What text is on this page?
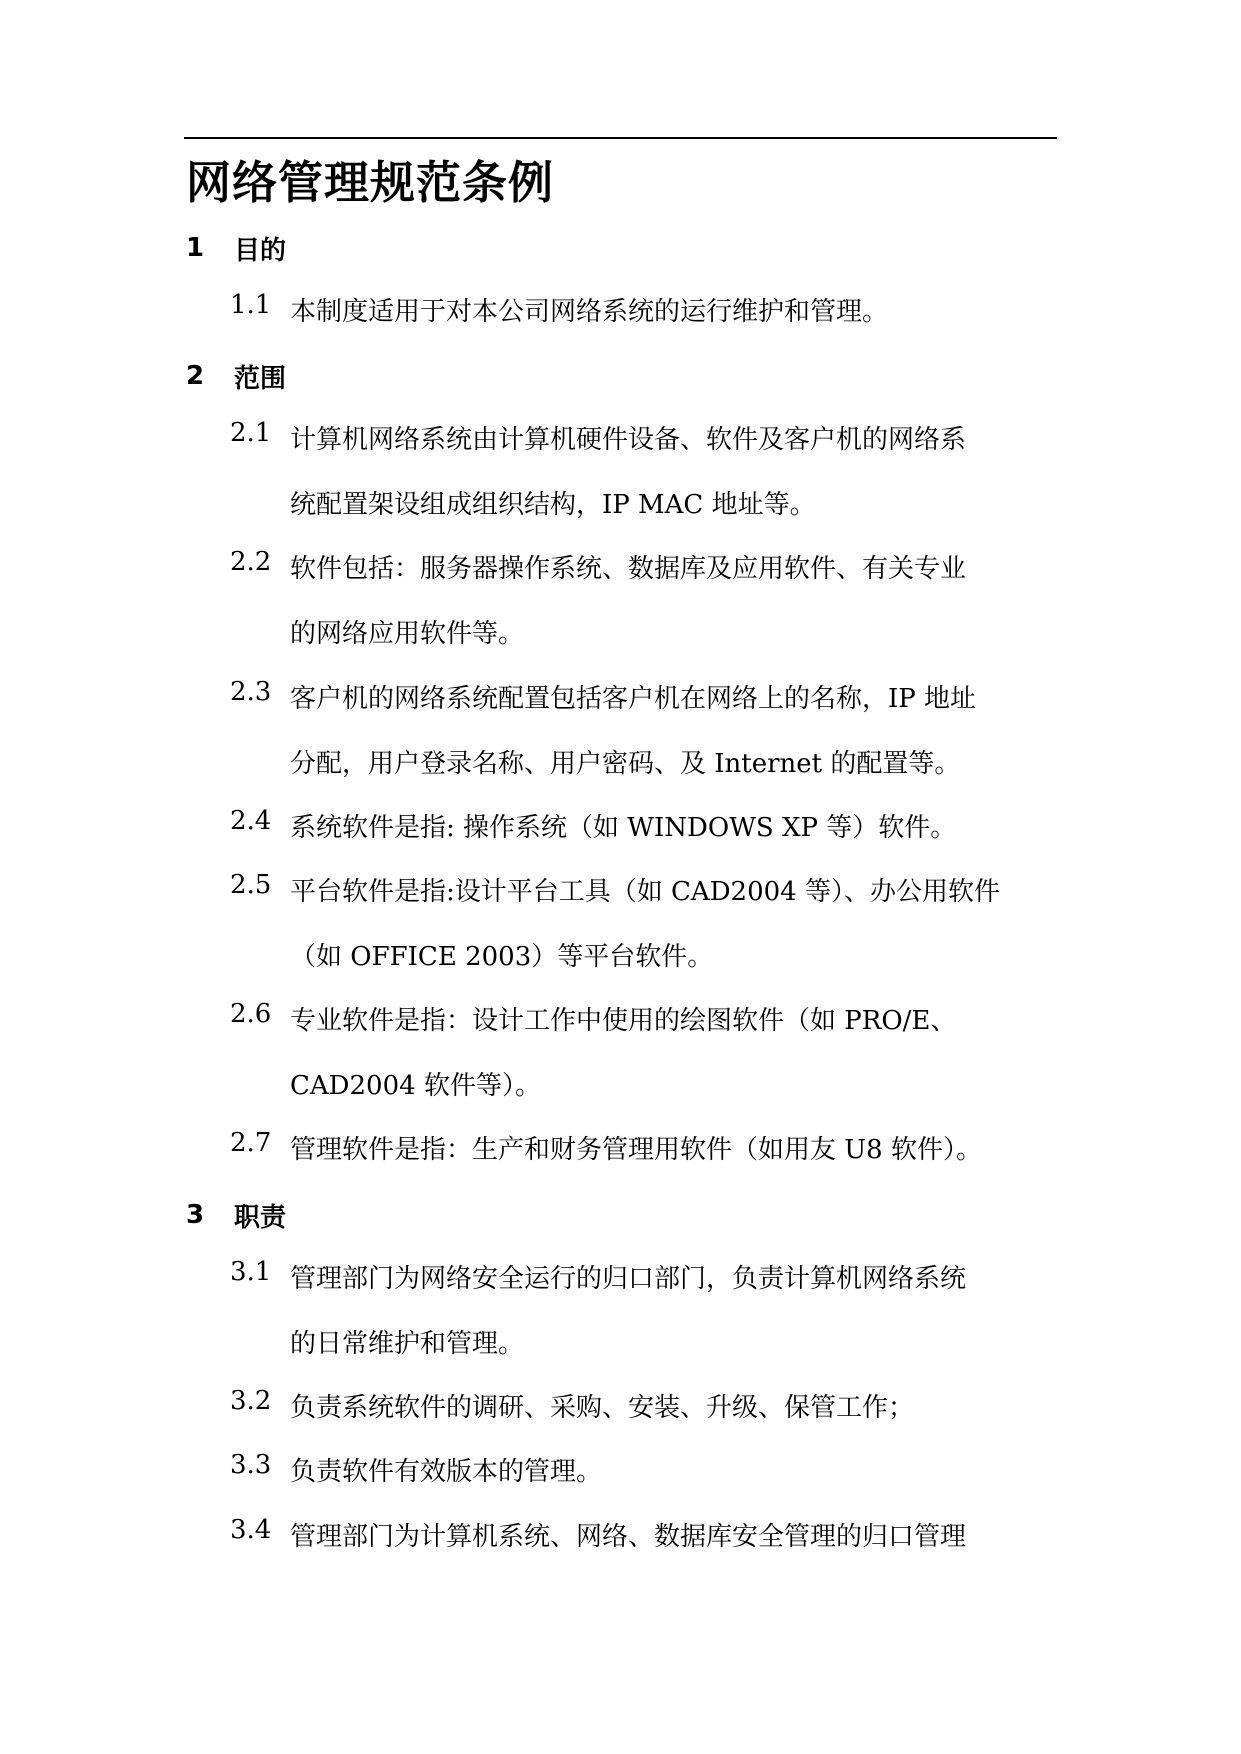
网络管理规范条例
1	目的
1.1 本制度适用于对本公司网络系统的运行维护和管理。
2	范围
2.1 计算机网络系统由计算机硬件设备、软件及客户机的网络系
统配置架设组成组织结构，IP MAC 地址等。
2.2 软件包括：服务器操作系统、数据库及应用软件、有关专业
的网络应用软件等。
2.3 客户机的网络系统配置包括客户机在网络上的名称，IP 地址
分配，用户登录名称、用户密码、及 Internet 的配置等。
2.4 系统软件是指: 操作系统（如 WINDOWS XP 等）软件。
2.5 平台软件是指:设计平台工具（如 CAD2004 等）、办公用软件
（如 OFFICE 2003）等平台软件。
2.6 专业软件是指：设计工作中使用的绘图软件（如 PRO/E、
CAD2004 软件等）。
2.7 管理软件是指：生产和财务管理用软件（如用友 U8 软件）。
3	职责
3.1 管理部门为网络安全运行的归口部门，负责计算机网络系统
的日常维护和管理。
3.2 负责系统软件的调研、采购、安装、升级、保管工作；
3.3 负责软件有效版本的管理。
3.4 管理部门为计算机系统、网络、数据库安全管理的归口管理
